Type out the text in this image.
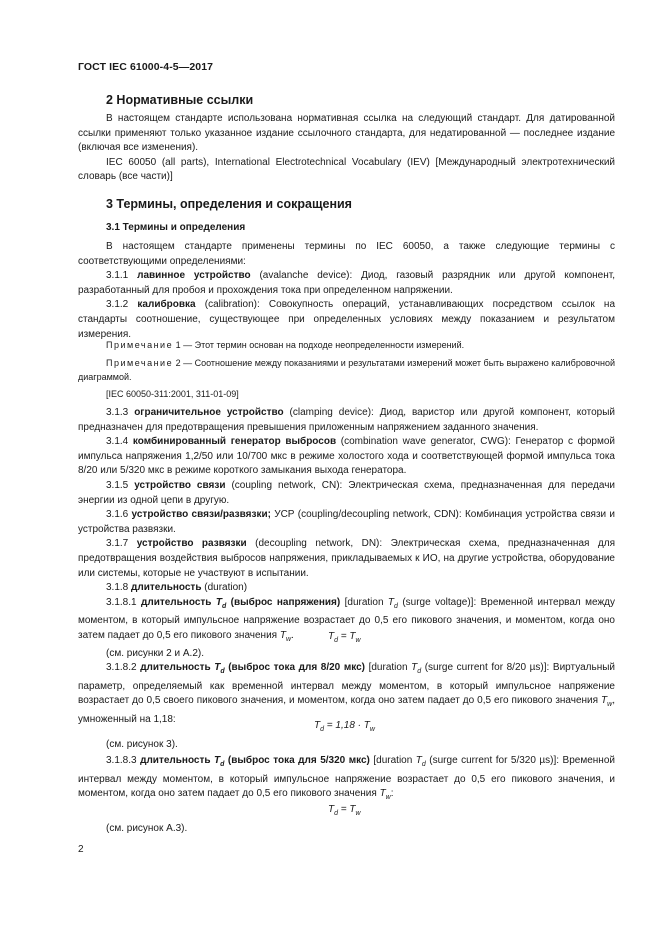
ГОСТ IEC 61000-4-5—2017
2 Нормативные ссылки

В настоящем стандарте использована нормативная ссылка на следующий стандарт. Для датированной ссылки применяют только указанное издание ссылочного стандарта, для недатированной — последнее издание (включая все изменения).

IEC 60050 (all parts), International Electrotechnical Vocabulary (IEV) [Международный электротехнический словарь (все части)]

3 Термины, определения и сокращения
3.1 Термины и определения

В настоящем стандарте применены термины по IEC 60050, а также следующие термины с соответствующими определениями:

3.1.1 лавинное устройство (avalanche device): Диод, газовый разрядник или другой компонент, разработанный для пробоя и прохождения тока при определенном напряжении.

3.1.2 калибровка (calibration): Совокупность операций, устанавливающих посредством ссылок на стандарты соотношение, существующее при определенных условиях между показанием и результатом измерения.

Примечание 1 — Этот термин основан на подходе неопределенности измерений.

Примечание 2 — Соотношение между показаниями и результатами измерений может быть выражено калибровочной диаграммой.

[IEC 60050-311:2001, 311-01-09]

3.1.3 ограничительное устройство (clamping device): Диод, варистор или другой компонент, который предназначен для предотвращения превышения приложенным напряжением заданного значения.

3.1.4 комбинированный генератор выбросов (combination wave generator, CWG): Генератор с формой импульса напряжения 1,2/50 или 10/700 мкс в режиме холостого хода и соответствующей формой импульса тока 8/20 или 5/320 мкс в режиме короткого замыкания выхода генератора.

3.1.5 устройство связи (coupling network, CN): Электрическая схема, предназначенная для передачи энергии из одной цепи в другую.

3.1.6 устройство связи/развязки; УСР (coupling/decoupling network, CDN): Комбинация устройства связи и устройства развязки.

3.1.7 устройство развязки (decoupling network, DN): Электрическая схема, предназначенная для предотвращения воздействия выбросов напряжения, прикладываемых к ИО, на другие устройства, оборудование или системы, которые не участвуют в испытании.

3.1.8 длительность (duration)

3.1.8.1 длительность $T_d$ (выброс напряжения) [duration $T_d$ (surge voltage)]: Временной интервал между моментом, в который импульсное напряжение возрастает до 0,5 его пикового значения, и моментом, когда оно затем падает до 0,5 его пикового значения $T_w$.	$T_d = T_w$
(см. рисунки 2 и А.2).

3.1.8.2 длительность $T_d$ (выброс тока для 8/20 мкс) [duration $T_d$ (surge current for 8/20 µs)]: Виртуальный параметр, определяемый как временной интервал между моментом, в который импульсное напряжение возрастает до 0,5 своего пикового значения, и моментом, когда оно затем падает до 0,5 его пикового значения $T_w$, умноженный на 1,18:

$T_d = 1,18 \cdot T_w$
(см. рисунок 3).

3.1.8.3 длительность $T_d$ (выброс тока для 5/320 мкс) [duration $T_d$ (surge current for 5/320 µs)]: Временной интервал между моментом, в который импульсное напряжение возрастает до 0,5 его пикового значения, и моментом, когда оно затем падает до 0,5 его пикового значения $T_w$:

$T_d = T_w$
(см. рисунок А.3).
2
